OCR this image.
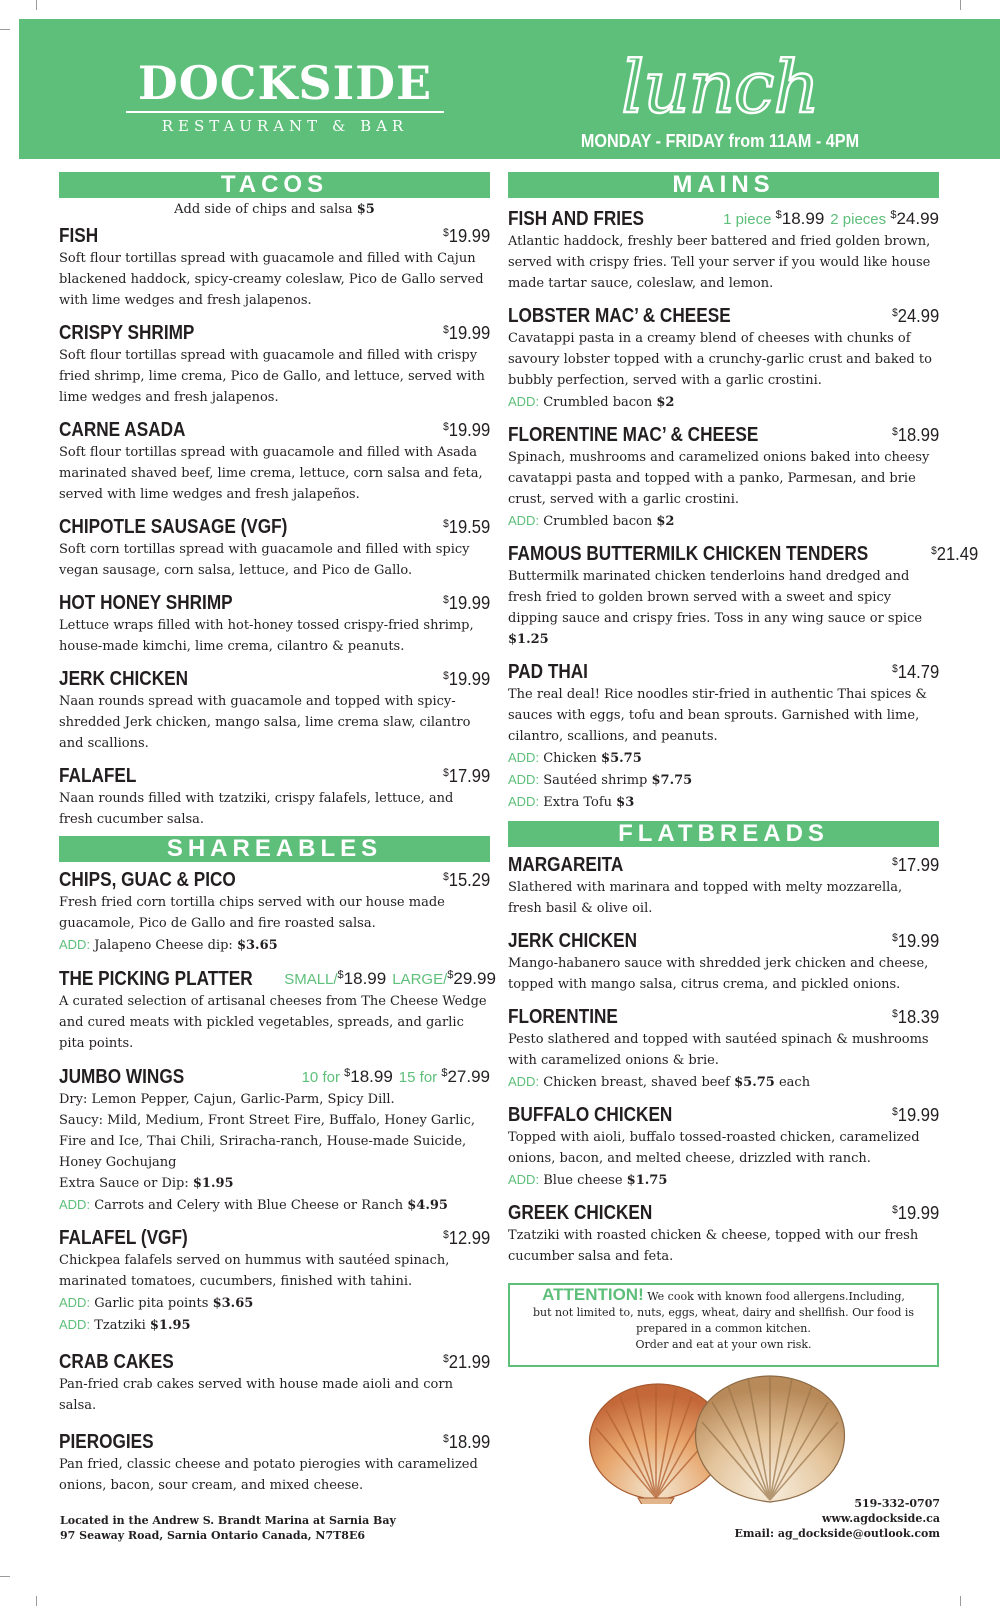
DOCKSIDE
RESTAURANT & BAR	lunch
MONDAY - FRIDAY from 11AM - 4PM
TACOS
Add side of chips and salsa $5
FISH	$19.99
Soft flour tortillas spread with guacamole and filled with Cajun blackened haddock, spicy-creamy coleslaw, Pico de Gallo served with lime wedges and fresh jalapenos.
CRISPY SHRIMP	$19.99
Soft flour tortillas spread with guacamole and filled with crispy fried shrimp, lime crema, Pico de Gallo, and lettuce, served with lime wedges and fresh jalapenos.
CARNE ASADA	$19.99
Soft flour tortillas spread with guacamole and filled with Asada marinated shaved beef, lime crema, lettuce, corn salsa and feta, served with lime wedges and fresh jalapeños.
CHIPOTLE SAUSAGE (VGF)	$19.59
Soft corn tortillas spread with guacamole and filled with spicy vegan sausage, corn salsa, lettuce, and Pico de Gallo.
HOT HONEY SHRIMP	$19.99
Lettuce wraps filled with hot-honey tossed crispy-fried shrimp, house-made kimchi, lime crema, cilantro & peanuts.
JERK CHICKEN	$19.99
Naan rounds spread with guacamole and topped with spicy-shredded Jerk chicken, mango salsa, lime crema slaw, cilantro and scallions.
FALAFEL	$17.99
Naan rounds filled with tzatziki, crispy falafels, lettuce, and fresh cucumber salsa.
SHAREABLES
CHIPS, GUAC & PICO	$15.29
Fresh fried corn tortilla chips served with our house made guacamole, Pico de Gallo and fire roasted salsa.
ADD: Jalapeno Cheese dip: $3.65
THE PICKING PLATTER SMALL/$18.99 LARGE/$29.99
A curated selection of artisanal cheeses from The Cheese Wedge and cured meats with pickled vegetables, spreads, and garlic pita points.
JUMBO WINGS	10 for $18.99 15 for $27.99
Dry: Lemon Pepper, Cajun, Garlic-Parm, Spicy Dill.
Saucy: Mild, Medium, Front Street Fire, Buffalo, Honey Garlic, Fire and Ice, Thai Chili, Sriracha-ranch, House-made Suicide, Honey Gochujang
Extra Sauce or Dip: $1.95
ADD: Carrots and Celery with Blue Cheese or Ranch $4.95
FALAFEL (VGF)	$12.99
Chickpea falafels served on hummus with sautéed spinach, marinated tomatoes, cucumbers, finished with tahini.
ADD: Garlic pita points $3.65
ADD: Tzatziki $1.95
CRAB CAKES	$21.99
Pan-fried crab cakes served with house made aioli and corn salsa.
PIEROGIES	$18.99
Pan fried, classic cheese and potato pierogies with caramelized onions, bacon, sour cream, and mixed cheese.
MAINS
FISH AND FRIES	1 piece $18.99 2 pieces $24.99
Atlantic haddock, freshly beer battered and fried golden brown, served with crispy fries. Tell your server if you would like house made tartar sauce, coleslaw, and lemon.
LOBSTER MAC’ & CHEESE	$24.99
Cavatappi pasta in a creamy blend of cheeses with chunks of savoury lobster topped with a crunchy-garlic crust and baked to bubbly perfection, served with a garlic crostini.
ADD: Crumbled bacon $2
FLORENTINE MAC’ & CHEESE	$18.99
Spinach, mushrooms and caramelized onions baked into cheesy cavatappi pasta and topped with a panko, Parmesan, and brie crust, served with a garlic crostini.
ADD: Crumbled bacon $2
FAMOUS BUTTERMILK CHICKEN TENDERS	$21.49
Buttermilk marinated chicken tenderloins hand dredged and fresh fried to golden brown served with a sweet and spicy dipping sauce and crispy fries. Toss in any wing sauce or spice $1.25
PAD THAI	$14.79
The real deal! Rice noodles stir-fried in authentic Thai spices & sauces with eggs, tofu and bean sprouts. Garnished with lime, cilantro, scallions, and peanuts.
ADD: Chicken $5.75
ADD: Sautéed shrimp $7.75
ADD: Extra Tofu $3
FLATBREADS
MARGAREITA	$17.99
Slathered with marinara and topped with melty mozzarella, fresh basil & olive oil.
JERK CHICKEN	$19.99
Mango-habanero sauce with shredded jerk chicken and cheese, topped with mango salsa, citrus crema, and pickled onions.
FLORENTINE	$18.39
Pesto slathered and topped with sautéed spinach & mushrooms with caramelized onions & brie.
ADD: Chicken breast, shaved beef $5.75 each
BUFFALO CHICKEN	$19.99
Topped with aioli, buffalo tossed-roasted chicken, caramelized onions, bacon, and melted cheese, drizzled with ranch.
ADD: Blue cheese $1.75
GREEK CHICKEN	$19.99
Tzatziki with roasted chicken & cheese, topped with our fresh cucumber salsa and feta.
ATTENTION! We cook with known food allergens.Including,
but not limited to, nuts, eggs, wheat, dairy and shellfish. Our food is
prepared in a common kitchen.
Order and eat at your own risk.
Located in the Andrew S. Brandt Marina at Sarnia Bay
97 Seaway Road, Sarnia Ontario Canada, N7T8E6
519-332-0707
www.agdockside.ca
Email: ag_dockside@outlook.com
